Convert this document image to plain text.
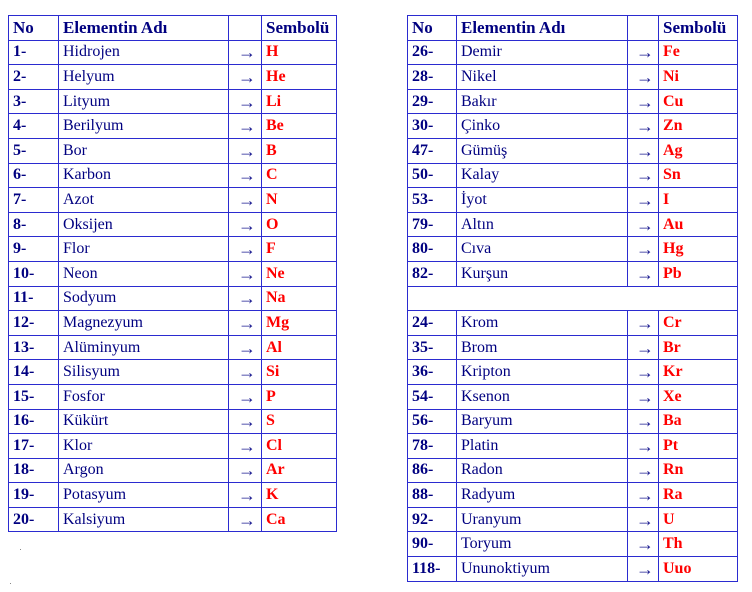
No	Elementin Adı		Sembolü
1-	Hidrojen	→	H
2-	Helyum	→	He
3-	Lityum	→	Li
4-	Berilyum	→	Be
5-	Bor	→	B
6-	Karbon	→	C
7-	Azot	→	N
8-	Oksijen	→	O
9-	Flor	→	F
10-	Neon	→	Ne
11-	Sodyum	→	Na
12-	Magnezyum	→	Mg
13-	Alüminyum	→	Al
14-	Silisyum	→	Si
15-	Fosfor	→	P
16-	Kükürt	→	S
17-	Klor	→	Cl
18-	Argon	→	Ar
19-	Potasyum	→	K
20-	Kalsiyum	→	Ca
No	Elementin Adı		Sembolü
26-	Demir	→	Fe
28-	Nikel	→	Ni
29-	Bakır	→	Cu
30-	Çinko	→	Zn
47-	Gümüş	→	Ag
50-	Kalay	→	Sn
53-	İyot	→	I
79-	Altın	→	Au
80-	Cıva	→	Hg
82-	Kurşun	→	Pb

24-	Krom	→	Cr
35-	Brom	→	Br
36-	Kripton	→	Kr
54-	Ksenon	→	Xe
56-	Baryum	→	Ba
78-	Platin	→	Pt
86-	Radon	→	Rn
88-	Radyum	→	Ra
92-	Uranyum	→	U
90-	Toryum	→	Th
118-	Ununoktiyum	→	Uuo
